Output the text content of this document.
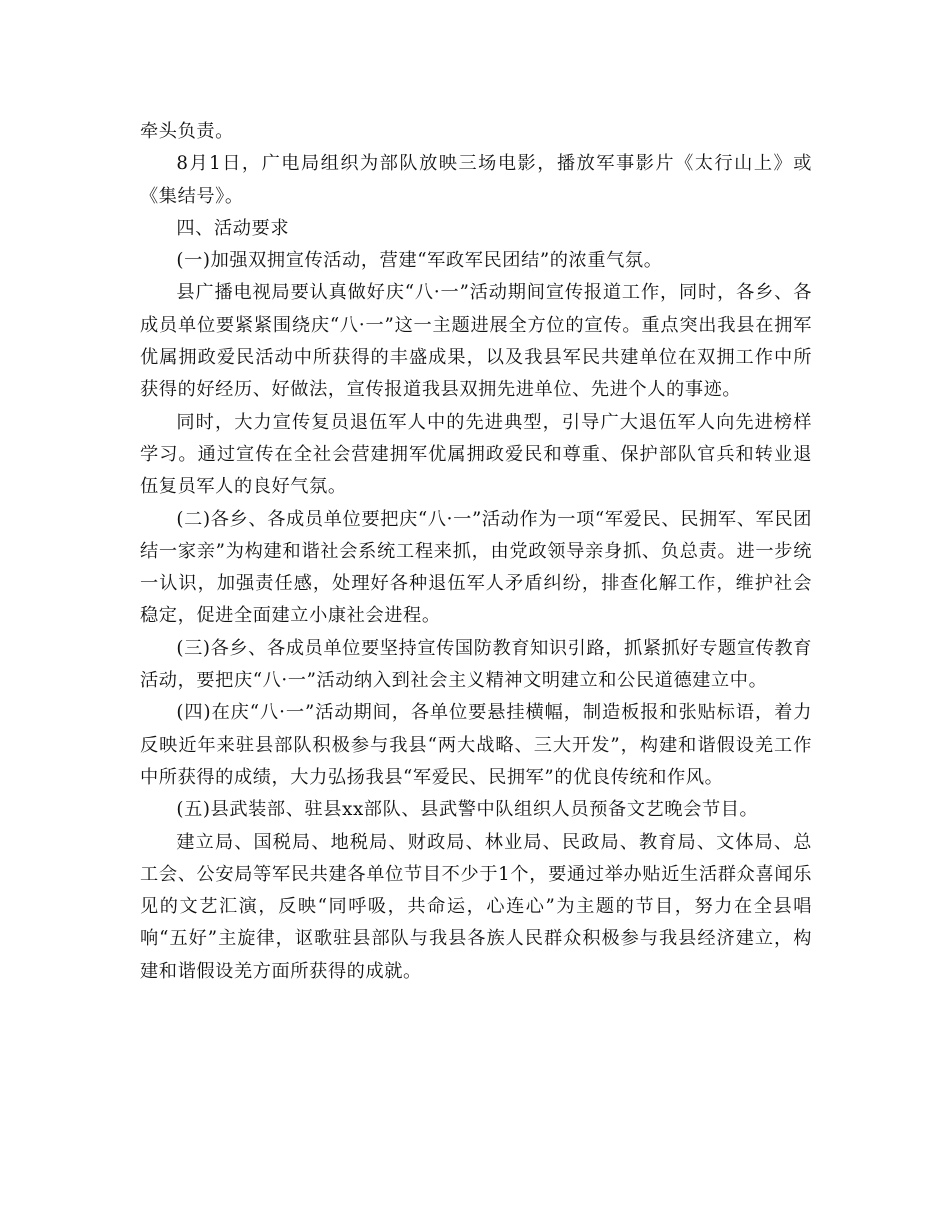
牵头负责。

8月1日，广电局组织为部队放映三场电影，播放军事影片《太行山上》或《集结号》。

四、活动要求

(一)加强双拥宣传活动，营建“军政军民团结”的浓重气氛。

县广播电视局要认真做好庆“八·一”活动期间宣传报道工作，同时，各乡、各成员单位要紧紧围绕庆“八·一”这一主题进展全方位的宣传。重点突出我县在拥军优属拥政爱民活动中所获得的丰盛成果，以及我县军民共建单位在双拥工作中所获得的好经历、好做法，宣传报道我县双拥先进单位、先进个人的事迹。

同时，大力宣传复员退伍军人中的先进典型，引导广大退伍军人向先进榜样学习。通过宣传在全社会营建拥军优属拥政爱民和尊重、保护部队官兵和转业退伍复员军人的良好气氛。

(二)各乡、各成员单位要把庆“八·一”活动作为一项“军爱民、民拥军、军民团结一家亲”为构建和谐社会系统工程来抓，由党政领导亲身抓、负总责。进一步统一认识，加强责任感，处理好各种退伍军人矛盾纠纷，排查化解工作，维护社会稳定，促进全面建立小康社会进程。

(三)各乡、各成员单位要坚持宣传国防教育知识引路，抓紧抓好专题宣传教育活动，要把庆“八·一”活动纳入到社会主义精神文明建立和公民道德建立中。

(四)在庆“八·一”活动期间，各单位要悬挂横幅，制造板报和张贴标语，着力反映近年来驻县部队积极参与我县“两大战略、三大开发”，构建和谐假设羌工作中所获得的成绩，大力弘扬我县“军爱民、民拥军”的优良传统和作风。

(五)县武装部、驻县xx部队、县武警中队组织人员预备文艺晚会节目。

建立局、国税局、地税局、财政局、林业局、民政局、教育局、文体局、总工会、公安局等军民共建各单位节目不少于1个，要通过举办贴近生活群众喜闻乐见的文艺汇演，反映“同呼吸，共命运，心连心”为主题的节目，努力在全县唱响“五好”主旋律，讴歌驻县部队与我县各族人民群众积极参与我县经济建立，构建和谐假设羌方面所获得的成就。
